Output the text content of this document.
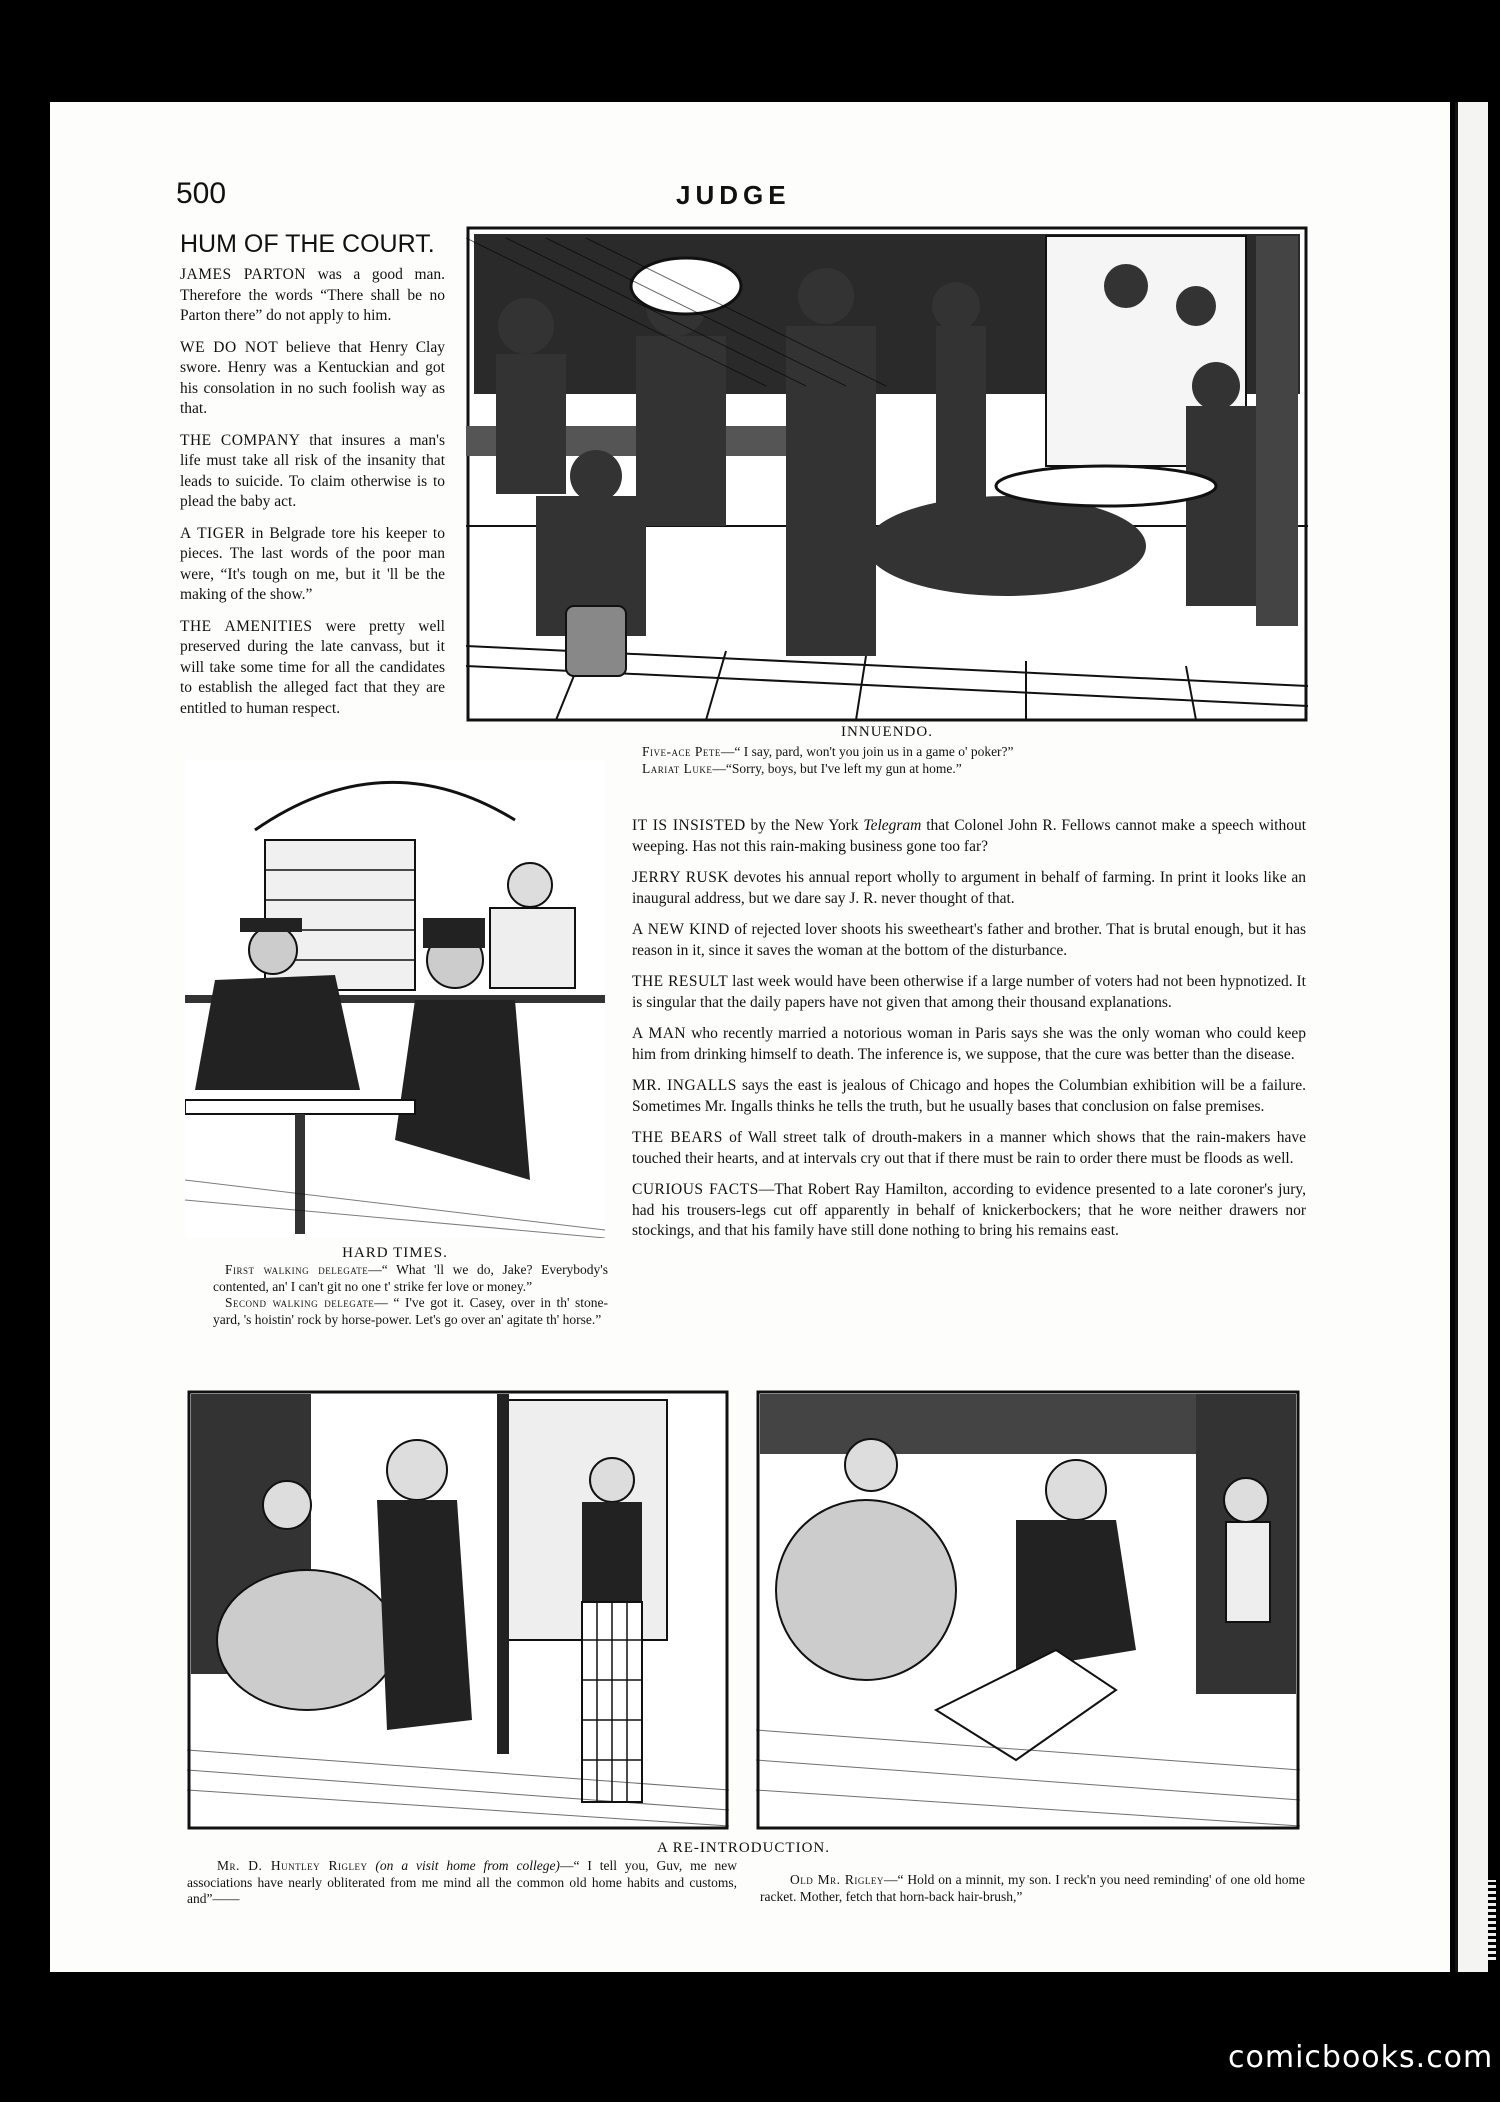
500	JUDGE
HUM OF THE COURT.

JAMES PARTON was a good man. Therefore the words “There shall be no Parton there” do not apply to him.

WE DO NOT believe that Henry Clay swore. Henry was a Kentuckian and got his consolation in no such foolish way as that.

THE COMPANY that insures a man's life must take all risk of the insanity that leads to suicide. To claim otherwise is to plead the baby act.

A TIGER in Belgrade tore his keeper to pieces. The last words of the poor man were, “It's tough on me, but it 'll be the making of the show.”

THE AMENITIES were pretty well preserved during the late canvass, but it will take some time for all the candidates to establish the alleged fact that they are entitled to human respect.

INNUENDO.
Five-ace Pete—“ I say, pard, won't you join us in a game o' poker?”
Lariat Luke—“Sorry, boys, but I've left my gun at home.”
HARD TIMES.
First walking delegate—“ What 'll we do, Jake? Everybody's contented, an' I can't git no one t' strike fer love or money.”
Second walking delegate— “ I've got it. Casey, over in th' stone-yard, 's hoistin' rock by horse-power. Let's go over an' agitate th' horse.”

IT IS INSISTED by the New York Telegram that Colonel John R. Fellows cannot make a speech without weeping. Has not this rain-making business gone too far?

JERRY RUSK devotes his annual report wholly to argument in behalf of farming. In print it looks like an inaugural address, but we dare say J. R. never thought of that.

A NEW KIND of rejected lover shoots his sweetheart's father and brother. That is brutal enough, but it has reason in it, since it saves the woman at the bottom of the disturbance.

THE RESULT last week would have been otherwise if a large number of voters had not been hypnotized. It is singular that the daily papers have not given that among their thousand explanations.

A MAN who recently married a notorious woman in Paris says she was the only woman who could keep him from drinking himself to death. The inference is, we suppose, that the cure was better than the disease.

MR. INGALLS says the east is jealous of Chicago and hopes the Columbian exhibition will be a failure. Sometimes Mr. Ingalls thinks he tells the truth, but he usually bases that conclusion on false premises.

THE BEARS of Wall street talk of drouth-makers in a manner which shows that the rain-makers have touched their hearts, and at intervals cry out that if there must be rain to order there must be floods as well.

CURIOUS FACTS—That Robert Ray Hamilton, according to evidence presented to a late coroner's jury, had his trousers-legs cut off apparently in behalf of knickerbockers; that he wore neither drawers nor stockings, and that his family have still done nothing to bring his remains east.

A RE-INTRODUCTION.
Mr. D. Huntley Rigley (on a visit home from college)—“ I tell you, Guv, me new associations have nearly obliterated from me mind all the common old home habits and customs, and”——
Old Mr. Rigley—“ Hold on a minnit, my son. I reck'n you need reminding' of one old home racket. Mother, fetch that horn-back hair-brush,”
comicbooks.com
